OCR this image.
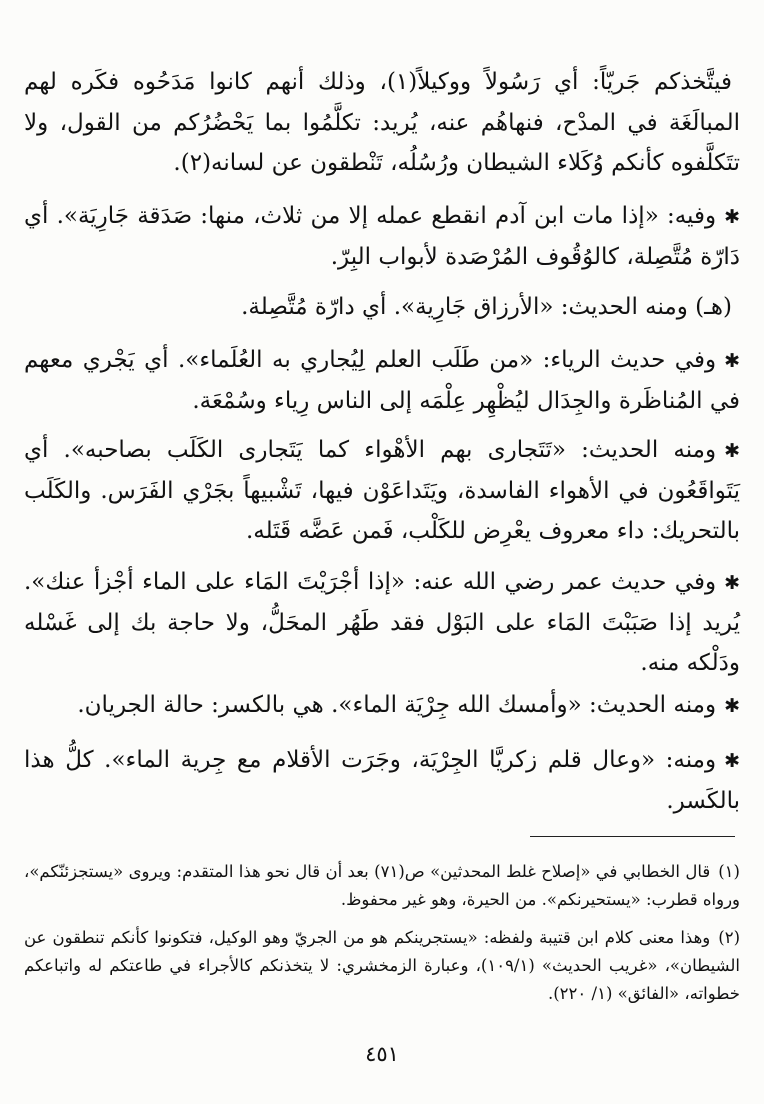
فيتَّخذكم جَريّاً: أي رَسُولاً ووكيلاً(١)، وذلك أنهم كانوا مَدَحُوه فكَره لهم المبالَغَة في المدْح، فنهاهُم عنه، يُريد: تكلَّمُوا بما يَحْضُرُكم من القول، ولا تتَكلَّفوه كأنكم وُكَلاء الشيطان ورُسُلُه، تَنْطقون عن لسانه(٢).

✱وفيه: «إذا مات ابن آدم انقطع عمله إلا من ثلاث، منها: صَدَقة جَارِيَة». أي دَارّة مُتَّصِلة، كالوُقُوف المُرْصَدة لأبواب البِرّ.

(هـ) ومنه الحديث: «الأرزاق جَارِية». أي دارّة مُتَّصِلة.

✱وفي حديث الرياء: «من طَلَب العلم لِيُجاري به العُلَماء». أي يَجْري معهم في المُناظَرة والجِدَال ليُظْهِر عِلْمَه إلى الناس رِياء وسُمْعَة.

✱ومنه الحديث: «تَتَجارى بهم الأهْواء كما يَتَجارى الكَلَب بصاحبه». أي يَتَواقَعُون في الأهواء الفاسدة، ويَتَداعَوْن فيها، تَشْبيهاً بجَرْي الفَرَس. والكَلَب بالتحريك: داء معروف يعْرِض للكَلْب، فَمن عَضَّه قَتَله.

✱وفي حديث عمر رضي الله عنه: «إذا أجْرَيْتَ المَاء على الماء أجْزأ عنك». يُريد إذا صَبَبْتَ المَاء على البَوْل فقد طَهُر المحَلُّ، ولا حاجة بك إلى غَسْله ودَلْكه منه.

✱ومنه الحديث: «وأمسك الله جِرْيَة الماء». هي بالكسر: حالة الجريان.

✱ومنه: «وعال قلم زكريَّا الجِرْيَة، وجَرَت الأقلام مع جِرية الماء». كلُّ هذا بالكَسر.

(١)قال الخطابي في «إصلاح غلط المحدثين» ص(٧١) بعد أن قال نحو هذا المتقدم: ويروى «يستجزئنّكم»، ورواه قطرب: «يستحيرنكم». من الحيرة، وهو غير محفوظ.

(٢)وهذا معنى كلام ابن قتيبة ولفظه: «يستجرينكم هو من الجريّ وهو الوكيل، فتكونوا كأنكم تنطقون عن الشيطان»، «غريب الحديث» (١٠٩/١)، وعبارة الزمخشري: لا يتخذنكم كالأجراء في طاعتكم له واتباعكم خطواته، «الفائق» (١/ ٢٢٠).

٤٥١
